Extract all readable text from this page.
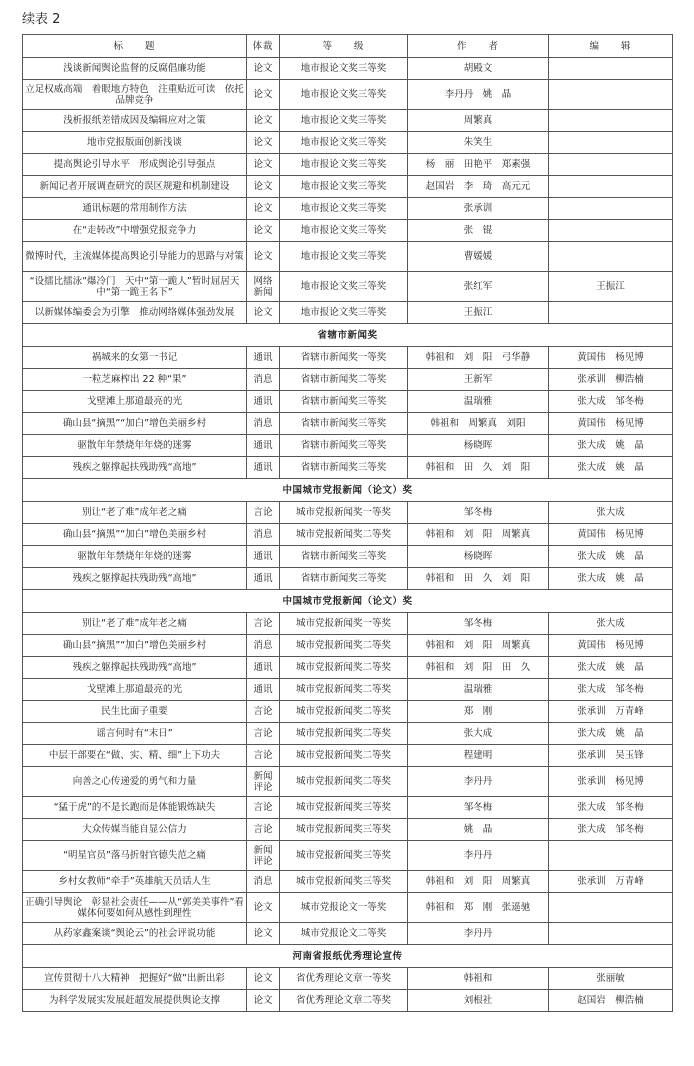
续表 2
标　　题	体裁	等　　级	作　　者	编　　辑
浅谈新闻舆论监督的反腐倡廉功能	论文	地市报论文奖三等奖	胡殿文	
立足权威高端　着眼地方特色　注重贴近可读　依托品牌竞争	论文	地市报论文奖三等奖	李丹丹　姚　晶	
浅析报纸差错成因及编辑应对之策	论文	地市报论文奖三等奖	周繁真	
地市党报版面创新浅谈	论文	地市报论文奖三等奖	朱笑生	
提高舆论引导水平　形成舆论引导强点	论文	地市报论文奖三等奖	杨　丽　田艳平　郑素强	
新闻记者开展调查研究的误区规避和机制建设	论文	地市报论文奖三等奖	赵国岩　李　琦　高元元	
通讯标题的常用制作方法	论文	地市报论文奖三等奖	张承训	
在“走转改”中增强党报竞争力	论文	地市报论文奖三等奖	张　锟	
微博时代，主流媒体提高舆论引导能力的思路与对策	论文	地市报论文奖三等奖	曹媛媛	
“设擂比擂泳”爆冷门　天中“第一跪人”暂时屈居天中“第一跪王名下”	网络新闻	地市报论文奖三等奖	张红军	王振江
以新媒体编委会为引擎　推动网络媒体强劲发展	论文	地市报论文奖三等奖	王振江	
省辖市新闻奖				
祸城来的女第一书记	通讯	省辖市新闻奖一等奖	韩祖和　刘　阳　弓华静	黄国伟　杨见博
一粒芝麻榨出 22 种“果”	消息	省辖市新闻奖二等奖	王新军	张承训　柳浩楠
戈壁滩上那道最亮的光	通讯	省辖市新闻奖三等奖	温瑞雅	张大成　邹冬梅
确山县“摘黑”“加白”增色美丽乡村	消息	省辖市新闻奖三等奖	韩祖和　周繁真　刘阳	黄国伟　杨见博
驱散年年禁烧年年烧的迷雾	通讯	省辖市新闻奖三等奖	杨晓晖	张大成　姚　晶
残疾之躯撑起扶残助残“高地”	通讯	省辖市新闻奖三等奖	韩祖和　田　久　刘　阳	张大成　姚　晶
中国城市党报新闻（论文）奖				
别让“老了难”成年老之痛	言论	城市党报新闻奖一等奖	邹冬梅	张大成
确山县“摘黑”“加白”增色美丽乡村	消息	城市党报新闻奖二等奖	韩祖和　刘　阳　周繁真	黄国伟　杨见博
驱散年年禁烧年年烧的迷雾	通讯	省辖市新闻奖三等奖	杨晓晖	张大成　姚　晶
残疾之躯撑起扶残助残“高地”	通讯	省辖市新闻奖三等奖	韩祖和　田　久　刘　阳	张大成　姚　晶
中国城市党报新闻（论文）奖				
别让“老了难”成年老之痛	言论	城市党报新闻奖一等奖	邹冬梅	张大成
确山县“摘黑”“加白”增色美丽乡村	消息	城市党报新闻奖二等奖	韩祖和　刘　阳　周繁真	黄国伟　杨见博
残疾之躯撑起扶残助残“高地”	通讯	城市党报新闻奖二等奖	韩祖和　刘　阳　田　久	张大成　姚　晶
戈壁滩上那道最亮的光	通讯	城市党报新闻奖二等奖	温瑞雅	张大成　邹冬梅
民生比面子重要	言论	城市党报新闻奖二等奖	郑　刚	张承训　万青峰
谣言何时有“末日”	言论	城市党报新闻奖二等奖	张大成	张大成　姚　晶
中层干部要在“做、实、精、细”上下功夫	言论	城市党报新闻奖二等奖	程建明	张承训　吴玉锋
向善之心传递爱的勇气和力量	新闻评论	城市党报新闻奖二等奖	李丹丹	张承训　杨见博
“猛于虎”的不是长跑而是体能锻炼缺失	言论	城市党报新闻奖三等奖	邹冬梅	张大成　邹冬梅
大众传媒当能自显公信力	言论	城市党报新闻奖三等奖	姚　晶	张大成　邹冬梅
“明星官员”落马折射官德失范之痛	新闻评论	城市党报新闻奖三等奖	李丹丹	
乡村女教师“牵手”英雄航天员话人生	消息	城市党报新闻奖三等奖	韩祖和　刘　阳　周繁真	张承训　万青峰
正确引导舆论　彰显社会责任——从“郭美美事件”看媒体何要如何从感性到理性	论文	城市党报论文一等奖	韩祖和　郑　刚　张遥驰	
从药家鑫案谈“舆论云”的社会评说功能	论文	城市党报论文二等奖	李丹丹	
河南省报纸优秀理论宣传				
宣传贯彻十八大精神　把握好“做”出新出彩	论文	省优秀理论文章一等奖	韩祖和	张丽敏
为科学发展实发展赶超发展提供舆论支撑	论文	省优秀理论文章二等奖	刘根社	赵国岩　柳浩楠
